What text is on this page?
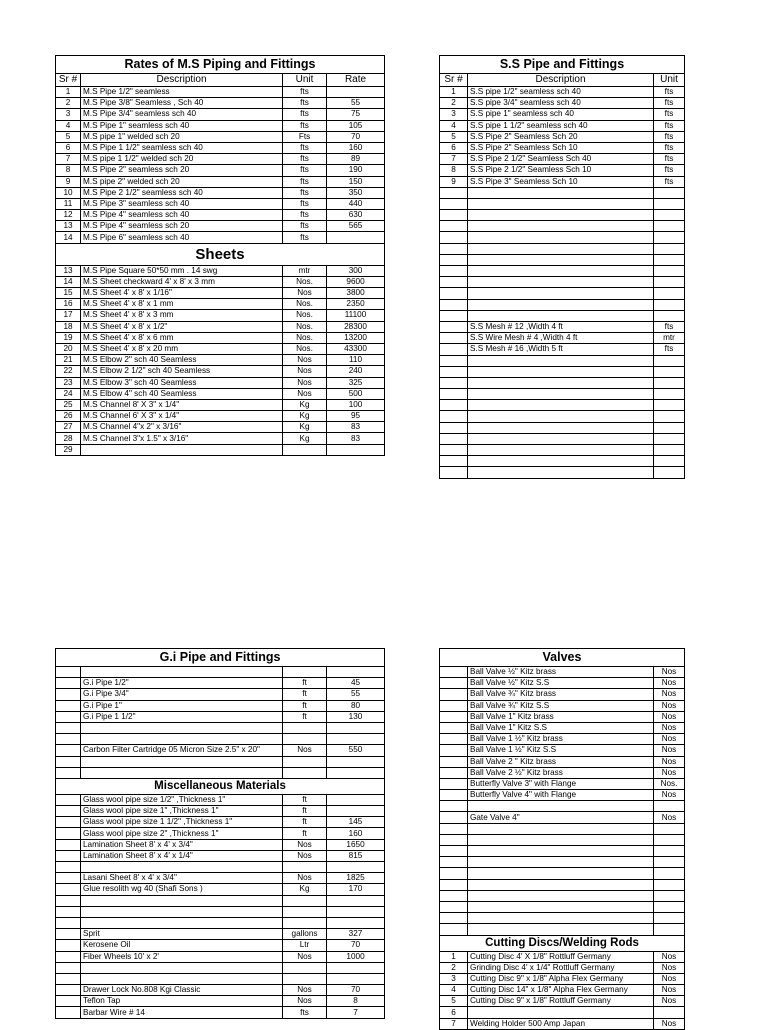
Rates of M.S Piping and Fittings			
Sr #	Description	Unit	Rate
1	M.S Pipe 1/2" seamless	fts	
2	M.S Pipe 3/8" Seamless , Sch 40	fts	55
3	M.S Pipe 3/4" seamless sch 40	fts	75
4	M.S Pipe 1" seamless sch 40	fts	105
5	M.S pipe 1" welded sch 20	Fts	70
6	M.S Pipe 1 1/2" seamless sch 40	fts	160
7	M.S pipe 1 1/2" welded sch 20	fts	89
8	M.S Pipe 2" seamless sch 20	fts	190
9	M.S pipe 2" welded sch 20	fts	150
10	M.S Pipe 2 1/2" seamless sch 40	fts	350
11	M.S Pipe 3" seamless sch 40	fts	440
12	M.S Pipe 4" seamless sch 40	fts	630
13	M.S Pipe 4" seamless sch 20	fts	565
14	M.S Pipe 6" seamless sch 40	fts	
Sheets			
13	M.S Pipe Square 50*50 mm . 14 swg	mtr	300
14	M.S Sheet checkward 4' x 8' x 3 mm	Nos.	9600
15	M.S Sheet 4' x 8' x 1/16"	Nos	3800
16	M.S Sheet 4' x 8' x 1 mm	Nos.	2350
17	M.S Sheet 4' x 8' x 3 mm	Nos.	11100
18	M.S Sheet 4' x 8' x 1/2"	Nos.	28300
19	M.S Sheet 4' x 8' x 6 mm	Nos.	13200
20	M.S Sheet 4' x 8' x 20 mm	Nos.	43300
21	M.S Elbow 2" sch 40 Seamless	Nos	110
22	M.S Elbow 2 1/2" sch 40 Seamless	Nos	240
23	M.S Elbow 3" sch 40 Seamless	Nos	325
24	M.S Elbow 4" sch 40 Seamless	Nos	500
25	M.S Channel 8' X 3" x 1/4"	Kg	100
26	M.S Channel 6' X 3" x 1/4"	Kg	95
27	M.S Channel 4"x 2" x 3/16"	Kg	83
28	M.S Channel 3"x 1.5" x 3/16"	Kg	83
29			
S.S Pipe and Fittings		
Sr #	Description	Unit
1	S.S pipe 1/2" seamless sch 40	fts
2	S.S pipe 3/4" seamless sch 40	fts
3	S.S pipe 1" seamless sch 40	fts
4	S.S pipe 1 1/2" seamless sch 40	fts
5	S.S Pipe 2" Seamless Sch 20	fts
6	S.S Pipe 2" Seamless Sch 10	fts
7	S.S Pipe 2 1/2" Seamless Sch 40	fts
8	S.S Pipe 2 1/2" Seamless Sch 10	fts
9	S.S Pipe 3" Seamless Sch 10	fts

	S.S Mesh # 12 ,Width 4 ft	fts
	S.S Wire Mesh # 4 ,Width 4 ft	mtr
	S.S Mesh # 16 ,Width 5 ft	fts

G.i Pipe and Fittings			

	G.i Pipe 1/2"	ft	45
	G.i Pipe 3/4"	ft	55
	G.i Pipe 1"	ft	80
	G.i Pipe 1 1/2"	ft	130

	Carbon Filter Cartridge 05 Micron Size 2.5" x 20"	Nos	550

Miscellaneous Materials			
	Glass wool pipe size 1/2" ,Thickness 1"	ft	
	Glass wool pipe size 1" ,Thickness 1"	ft	
	Glass wool pipe size 1 1/2" ,Thickness 1"	ft	145
	Glass wool pipe size 2" ,Thickness 1"	ft	160
	Lamination Sheet 8' x 4' x 3/4"	Nos	1650
	Lamination Sheet 8' x 4' x 1/4"	Nos	815

	Lasani Sheet 8' x 4' x 3/4"	Nos	1825
	Glue resolith wg 40 (Shafi Sons )	Kg	170

	Sprit	gallons	327
	Kerosene Oil	Ltr	70
	Fiber Wheels 10' x 2'	Nos	1000

	Drawer Lock No.808 Kgi Classic	Nos	70
	Teflon Tap	Nos	8
	Barbar Wire # 14	fts	7
Valves		
	Ball Valve ½" Kitz brass	Nos
	Ball Valve ½" Kitz S.S	Nos
	Ball Valve ¾" Kitz brass	Nos
	Ball Valve ¾" Kitz S.S	Nos
	Ball Valve 1" Kitz brass	Nos
	Ball Valve 1" Kitz S.S	Nos
	Ball Valve 1 ½" Kitz brass	Nos
	Ball Valve 1 ½" Kitz S.S	Nos
	Ball Valve 2 " Kitz brass	Nos
	Ball Valve 2 ½" Kitz brass	Nos
	Butterfly Valve 3" with Flange	Nos.
	Butterfly Valve 4" with Flange	Nos

	Gate Valve 4"	Nos

Cutting Discs/Welding Rods		
1	Cutting Disc 4' X 1/8" Rottluff Germany	Nos
2	Grinding Disc 4' x 1/4" Rottluff Germany	Nos
3	Cutting Disc 9" x 1/8" Alpha Flex Germany	Nos
4	Cutting Disc 14" x 1/8" Alpha Flex Germany	Nos
5	Cutting Disc 9" x 1/8" Rottluff Germany	Nos
6		
7	Welding Holder 500 Amp Japan	Nos
